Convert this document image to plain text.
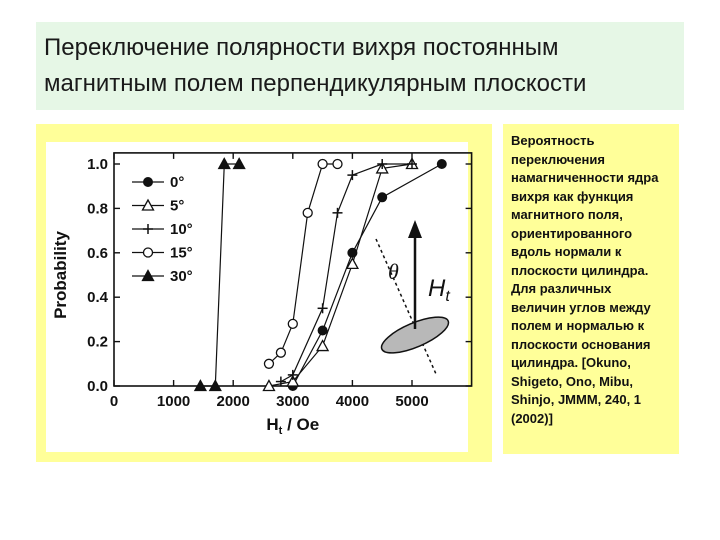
Переключение полярности вихря постоянным
магнитным полем перпендикулярным плоскости
0	1000 2000 3000 4000 5000
0.0
0.2
0.4
0.6
0.8
1.0
$H_t$ / Oe
Probability
0°
5°
10°
15°
30°	θ
$H_t$
Вероятность
переключения
намагниченности ядра
вихря как функция
магнитного поля,
ориентированного
вдоль нормали к
плоскости цилиндра.
Для различных
величин углов между
полем и нормалью к
плоскости основания
цилиндра. [Okuno,
Shigeto, Ono, Mibu,
Shinjo, JMMM, 240, 1
(2002)]
